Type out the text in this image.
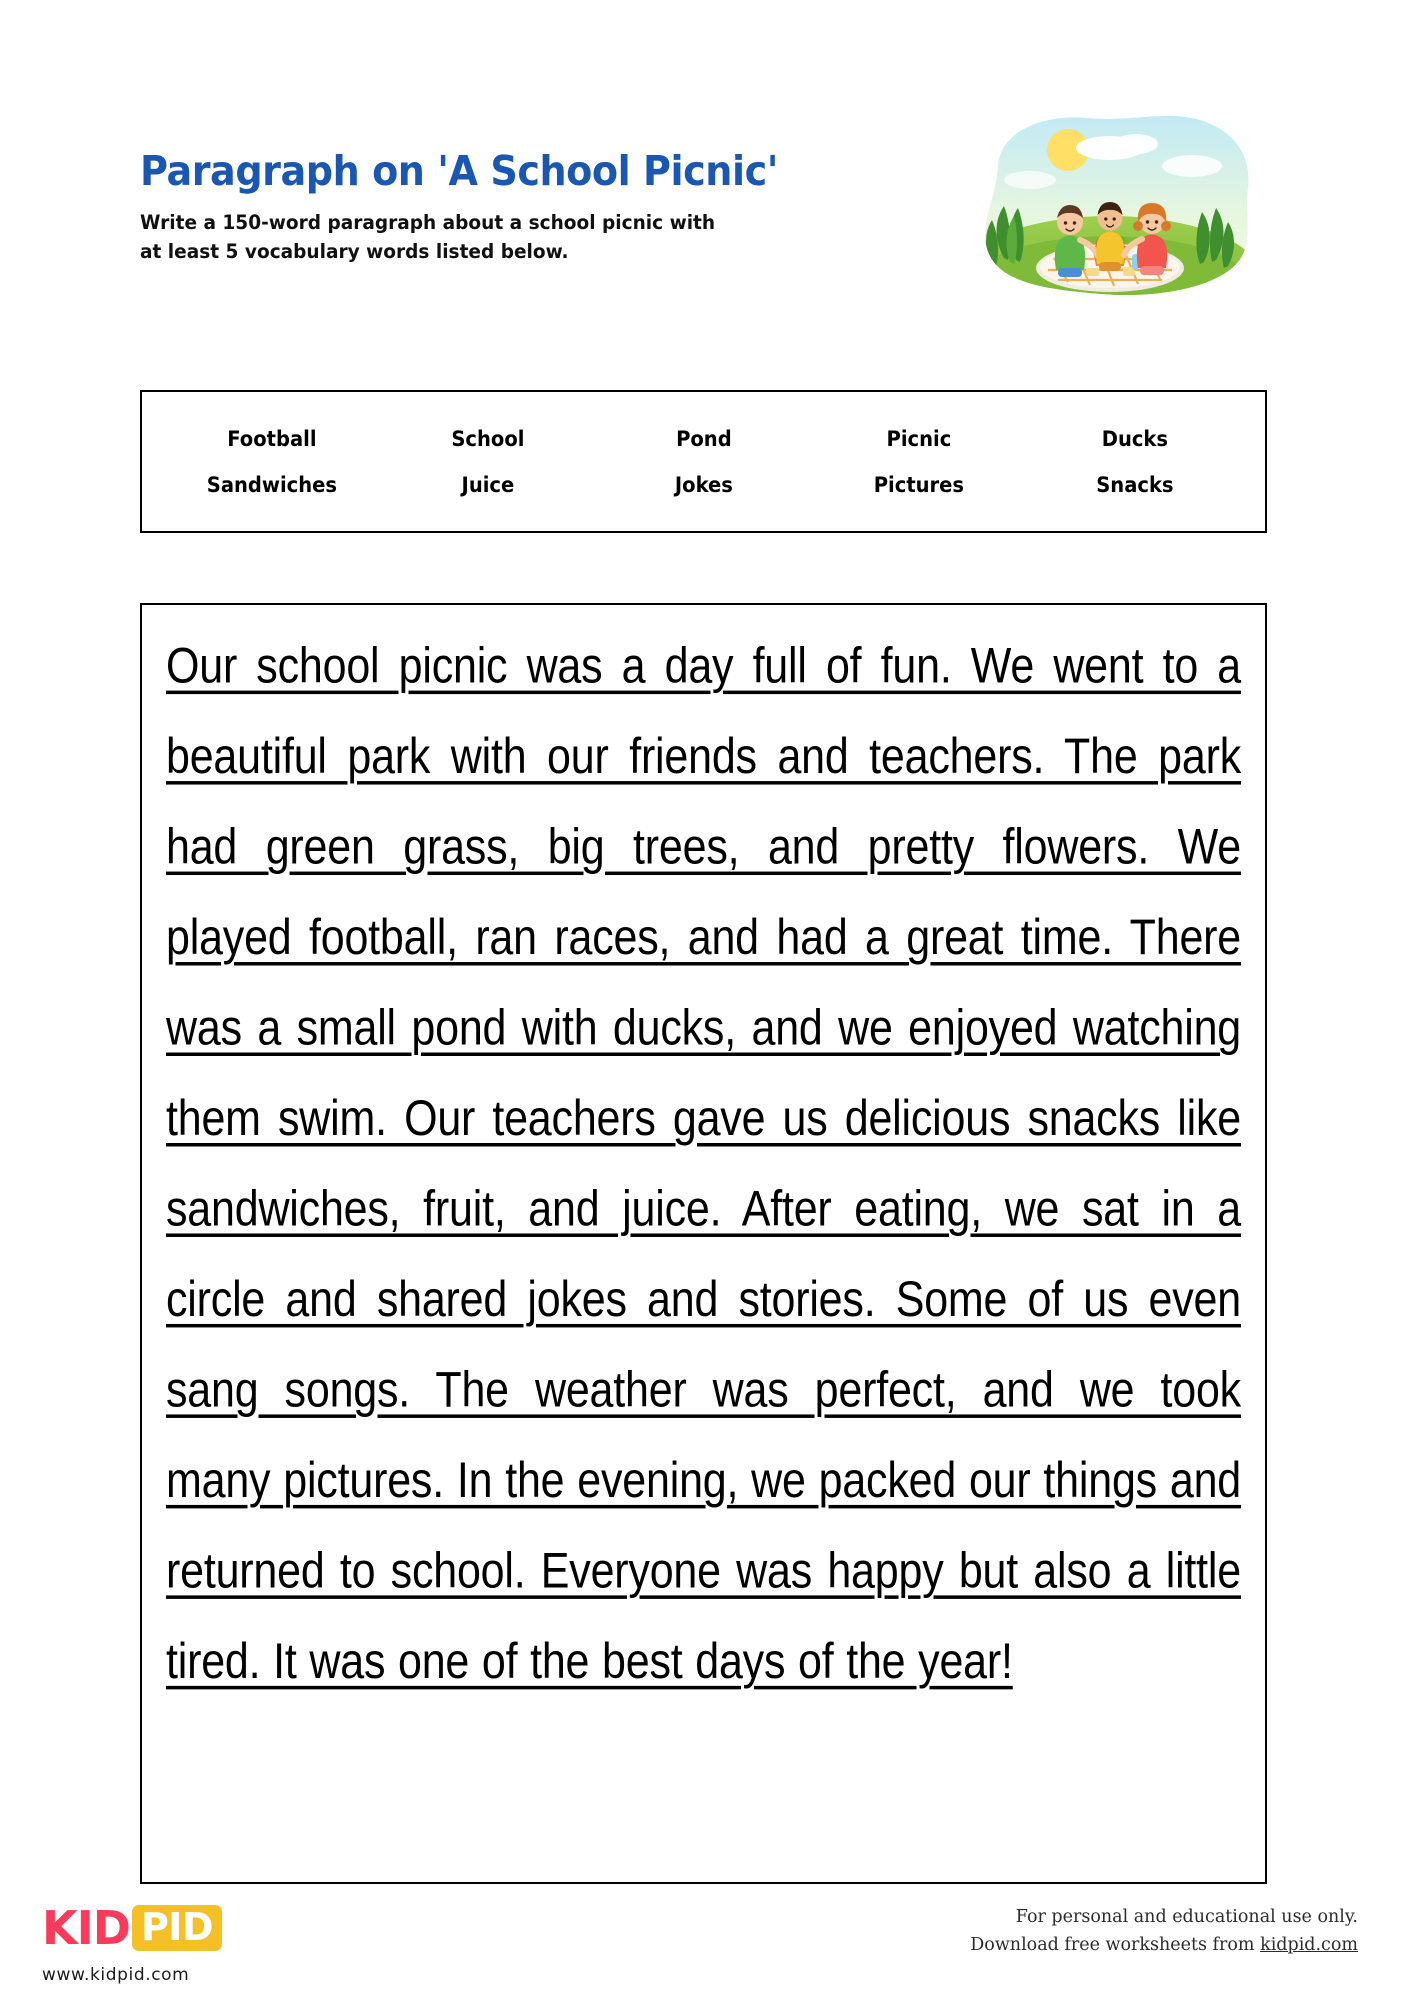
Paragraph on 'A School Picnic'
Write a 150-word paragraph about a school picnic with
at least 5 vocabulary words listed below.
Football	School	Pond	Picnic	Ducks
Sandwiches	Juice	Jokes	Pictures	Snacks
Our school picnic was a day full of fun. We went to a beautiful park with our friends and teachers. The park had green grass, big trees, and pretty flowers. We played football, ran races, and had a great time. There was a small pond with ducks, and we enjoyed watching them swim. Our teachers gave us delicious snacks like sandwiches, fruit, and juice. After eating, we sat in a circle and shared jokes and stories. Some of us even sang songs. The weather was perfect, and we took many pictures. In the evening, we packed our things and returned to school. Everyone was happy but also a little tired. It was one of the best days of the year!
KID PID
www.kidpid.com
For personal and educational use only.
Download free worksheets from kidpid.com
